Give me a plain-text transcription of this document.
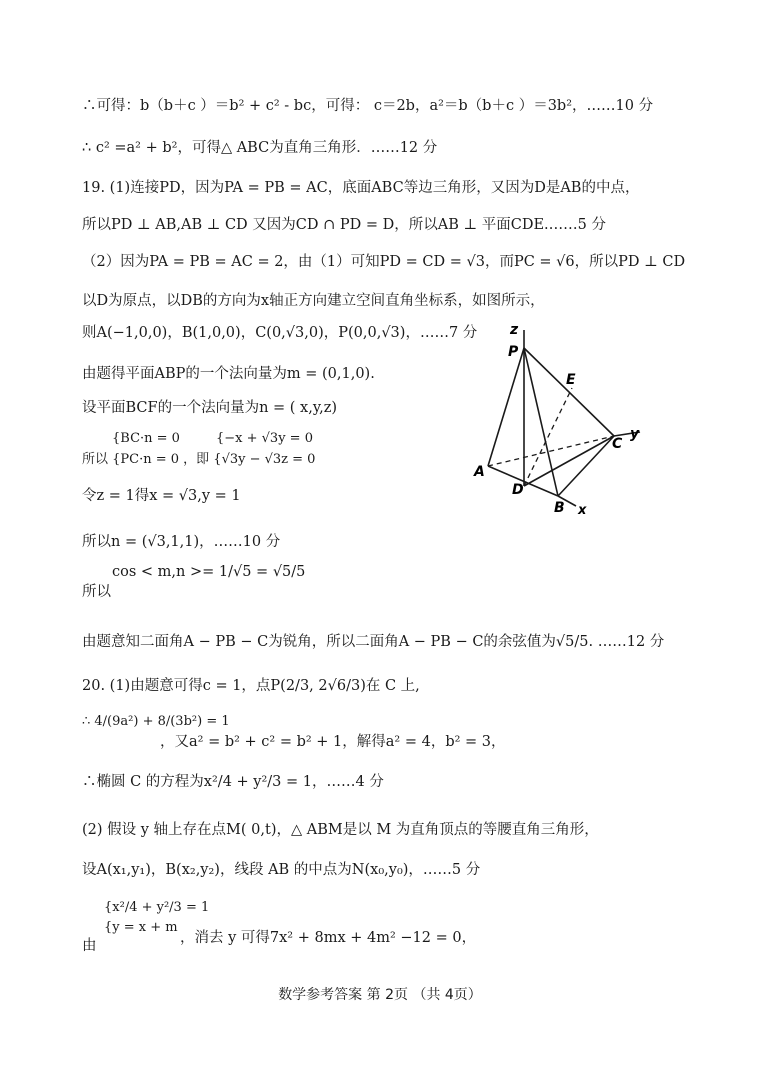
∴可得：b（b＋c ）＝b² + c² - bc，可得： c＝2b，a²＝b（b＋c ）＝3b²，……10 分
∴ c² =a² + b²，可得△ ABC为直角三角形．……12 分
19. (1)连接PD，因为PA = PB = AC，底面ABC等边三角形，又因为D是AB的中点，
所以PD ⊥ AB,AB ⊥ CD 又因为CD ∩ PD = D，所以AB ⊥ 平面CDE.……5 分
（2）因为PA = PB = AC = 2，由（1）可知PD = CD = √3，而PC = √6，所以PD ⊥ CD
以D为原点，以DB的方向为x轴正方向建立空间直角坐标系，如图所示，
则A(−1,0,0)，B(1,0,0)，C(0,√3,0)，P(0,0,√3)，……7 分
由题得平面ABP的一个法向量为m = (0,1,0).
设平面BCF的一个法向量为n = ( x,y,z)
{BC·n = 0
所以 {PC·n = 0 ，即 {√3y − √3z = 0
{−x + √3y = 0
令z = 1得x = √3,y = 1
所以n = (√3,1,1)，……10 分
cos < m,n >= 1/√5 = √5/5
所以
由题意知二面角A − PB − C为锐角，所以二面角A − PB − C的余弦值为√5/5. ……12 分
20. (1)由题意可得c = 1，点P(2/3, 2√6/3)在 C 上,
∴ 4/(9a²) + 8/(3b²) = 1
，又a² = b² + c² = b² + 1，解得a² = 4，b² = 3，
∴椭圆 C 的方程为x²/4 + y²/3 = 1，……4 分
(2) 假设 y 轴上存在点M( 0,t)，△ ABM是以 M 为直角顶点的等腰直角三角形，
设A(x₁,y₁)，B(x₂,y₂)，线段 AB 的中点为N(x₀,y₀)，……5 分
{x²/4 + y²/3 = 1
{y = x + m
由	，消去 y 可得7x² + 8mx + 4m² −12 = 0，
z
P
E
y
C
A
D
B x
数学参考答案 第 2页 （共 4页）
